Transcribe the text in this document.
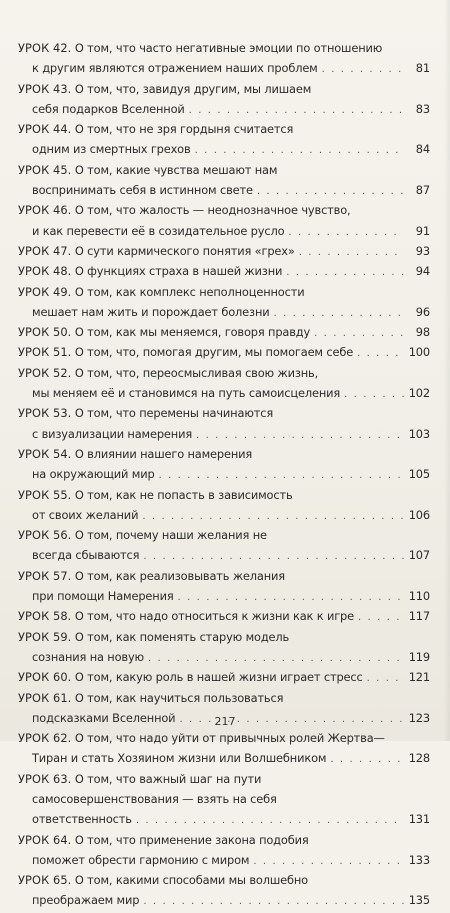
УРОК 42. О том, что часто негативные эмоции по отношению
к другим являются отражением наших проблем . . .	81
УРОК 43. О том, что, завидуя другим, мы лишаем
себя подарков Вселенной . . .	83
УРОК 44. О том, что не зря гордыня считается
одним из смертных грехов . . .	84
УРОК 45. О том, какие чувства мешают нам
воспринимать себя в истинном свете . . .	87
УРОК 46. О том, что жалость — неоднозначное чувство,
и как перевести её в созидательное русло . . .	91
УРОК 47. О сути кармического понятия «грех» . . .	93
УРОК 48. О функциях страха в нашей жизни . . .	94
УРОК 49. О том, как комплекс неполноценности
мешает нам жить и порождает болезни . . .	96
УРОК 50. О том, как мы меняемся, говоря правду . . .	98
УРОК 51. О том, что, помогая другим, мы помогаем себе . . .	100
УРОК 52. О том, что, переосмысливая свою жизнь,
мы меняем её и становимся на путь самоисцеления . . .	102
УРОК 53. О том, что перемены начинаются
с визуализации намерения . . .	103
УРОК 54. О влиянии нашего намерения
на окружающий мир . . .	105
УРОК 55. О том, как не попасть в зависимость
от своих желаний . . .	106
УРОК 56. О том, почему наши желания не
всегда сбываются . . .	107
УРОК 57. О том, как реализовывать желания
при помощи Намерения . . .	110
УРОК 58. О том, что надо относиться к жизни как к игре . . .	117
УРОК 59. О том, как поменять старую модель
сознания на новую . . .	119
УРОК 60. О том, какую роль в нашей жизни играет стресс . . .	121
УРОК 61. О том, как научиться пользоваться
подсказками Вселенной . . .	123
УРОК 62. О том, что надо уйти от привычных ролей Жертва—
Тиран и стать Хозяином жизни или Волшебником . . .	128
УРОК 63. О том, что важный шаг на пути
самосовершенствования — взять на себя
ответственность . . .	131
УРОК 64. О том, что применение закона подобия
поможет обрести гармонию с миром . . .	133
УРОК 65. О том, какими способами мы волшебно
преображаем мир . . .	135
217
